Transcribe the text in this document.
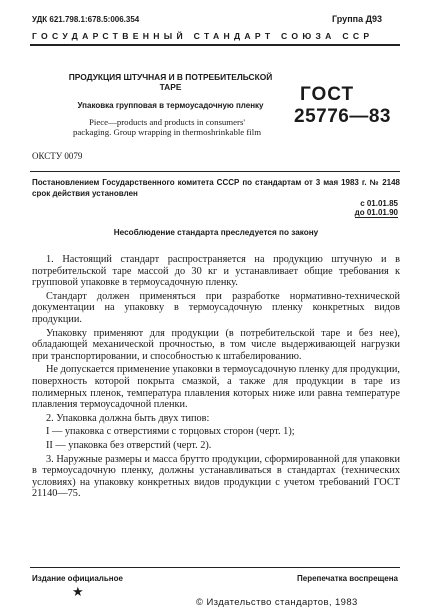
УДК 621.798.1:678.5:006.354	Группа Д93
ГОСУДАРСТВЕННЫЙ СТАНДАРТ СОЮЗА ССР
ПРОДУКЦИЯ ШТУЧНАЯ И В ПОТРЕБИТЕЛЬСКОЙ
ТАРЕ
Упаковка групповая в термоусадочную пленку
Piece—products and products in consumers'
packaging. Group wrapping in thermoshrinkable film
ГОСТ
25776—83
ОКСТУ 0079
Постановлением Государственного комитета СССР по стандартам от 3 мая 1983 г. № 2148 срок действия установлен
с 01.01.85
до 01.01.90
Несоблюдение стандарта преследуется по закону

1. Настоящий стандарт распространяется на продукцию штучную и в потребительской таре массой до 30 кг и устанавливает общие требования к групповой упаковке в термоусадочную пленку.

Стандарт должен применяться при разработке нормативно-технической документации на упаковку в термоусадочную пленку конкретных видов продукции.

Упаковку применяют для продукции (в потребительской таре и без нее), обладающей механической прочностью, в том числе выдерживающей нагрузки при транспортировании, и способностью к штабелированию.

Не допускается применение упаковки в термоусадочную пленку для продукции, поверхность которой покрыта смазкой, а также для продукции в таре из полимерных пленок, температура плавления которых ниже или равна температуре плавления термоусадочной пленки.

2. Упаковка должна быть двух типов:

I — упаковка с отверстиями с торцовых сторон (черт. 1);

II — упаковка без отверстий (черт. 2).

3. Наружные размеры и масса брутто продукции, сформированной для упаковки в термоусадочную пленку, должны устанавливаться в стандартах (технических условиях) на упаковку конкретных видов продукции с учетом требований ГОСТ 21140—75.

Издание официальное	Перепечатка воспрещена
★
© Издательство стандартов, 1983
